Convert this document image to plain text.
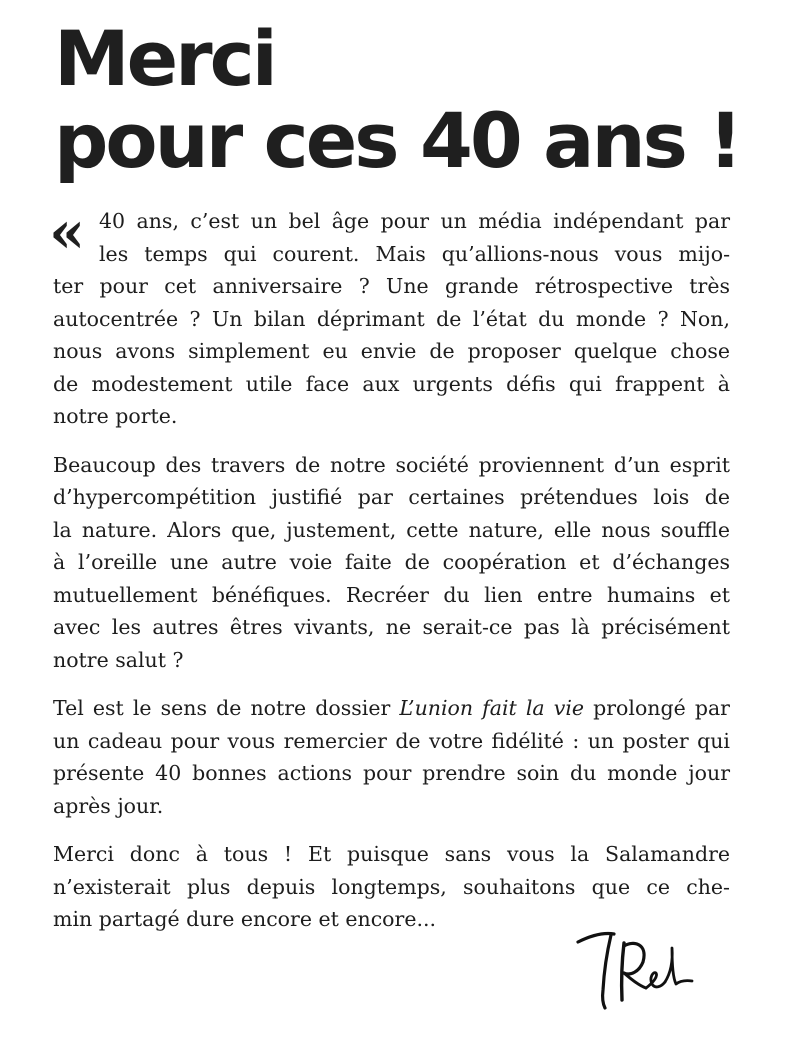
Merci
pour ces 40 ans !
« 40 ans, c’est un bel âge pour un média indépendant par
les temps qui courent. Mais qu’allions-nous vous mijo-
ter pour cet anniversaire ? Une grande rétrospective très
autocentrée ? Un bilan déprimant de l’état du monde ? Non,
nous avons simplement eu envie de proposer quelque chose
de modestement utile face aux urgents défis qui frappent à
notre porte.
Beaucoup des travers de notre société proviennent d’un esprit
d’hypercompétition justifié par certaines prétendues lois de
la nature. Alors que, justement, cette nature, elle nous souffle
à l’oreille une autre voie faite de coopération et d’échanges
mutuellement bénéfiques. Recréer du lien entre humains et
avec les autres êtres vivants, ne serait-ce pas là précisément
notre salut ?
Tel est le sens de notre dossier L’union fait la vie prolongé par
un cadeau pour vous remercier de votre fidélité : un poster qui
présente 40 bonnes actions pour prendre soin du monde jour
après jour.
Merci donc à tous ! Et puisque sans vous la Salamandre
n’existerait plus depuis longtemps, souhaitons que ce che-
min partagé dure encore et encore...
